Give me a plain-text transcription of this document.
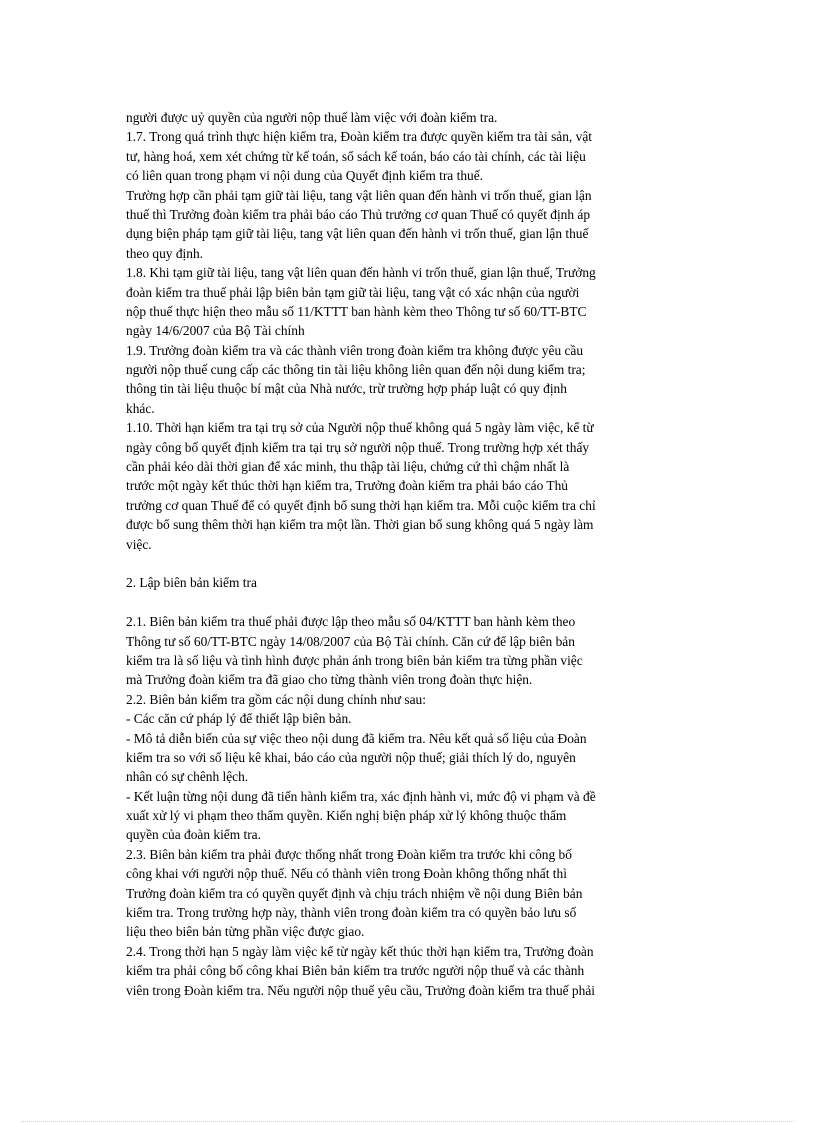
người được uỷ quyền của người nộp thuế làm việc với đoàn kiểm tra.
1.7. Trong quá trình thực hiện kiểm tra, Đoàn kiểm tra được quyền kiểm tra tài sản, vật
tư, hàng hoá, xem xét chứng từ kế toán, sổ sách kế toán, báo cáo tài chính, các tài liệu
có liên quan trong phạm vi nội dung của Quyết định kiểm tra thuế.
Trường hợp cần phải tạm giữ tài liệu, tang vật liên quan đến hành vi trốn thuế, gian lận
thuế thì Trưởng đoàn kiểm tra phải báo cáo Thủ trưởng cơ quan Thuế có quyết định áp
dụng biện pháp tạm giữ tài liệu, tang vật liên quan đến hành vi trốn thuế, gian lận thuế
theo quy định.
1.8. Khi tạm giữ tài liệu, tang vật liên quan đến hành vi trốn thuế, gian lận thuế, Trưởng
đoàn kiểm tra thuế phải lập biên bản tạm giữ tài liệu, tang vật có xác nhận của người
nộp thuế thực hiện theo mẫu số 11/KTTT ban hành kèm theo Thông tư số 60/TT-BTC
ngày 14/6/2007 của Bộ Tài chính
1.9. Trưởng đoàn kiểm tra và các thành viên trong đoàn kiểm tra không được yêu cầu
người nộp thuế cung cấp các thông tin tài liệu không liên quan đến nội dung kiểm tra;
thông tin tài liệu thuộc bí mật của Nhà nước, trừ trường hợp pháp luật có quy định
khác.
1.10. Thời hạn kiểm tra tại trụ sở của Người nộp thuế không quá 5 ngày làm việc, kể từ
ngày công bố quyết định kiểm tra tại trụ sở người nộp thuế. Trong trường hợp xét thấy
cần phải kéo dài thời gian để xác minh, thu thập tài liệu, chứng cứ thì chậm nhất là
trước một ngày kết thúc thời hạn kiểm tra, Trưởng đoàn kiểm tra phải báo cáo Thủ
trưởng cơ quan Thuế để có quyết định bổ sung thời hạn kiểm tra. Mỗi cuộc kiểm tra chỉ
được bổ sung thêm thời hạn kiểm tra một lần. Thời gian bổ sung không quá 5 ngày làm
việc.
2. Lập biên bản kiểm tra
2.1. Biên bản kiểm tra thuế phải được lập theo mẫu số 04/KTTT ban hành kèm theo
Thông tư số 60/TT-BTC ngày 14/08/2007 của Bộ Tài chính. Căn cứ để lập biên bản
kiểm tra là số liệu và tình hình được phản ánh trong biên bản kiểm tra từng phần việc
mà Trưởng đoàn kiểm tra đã giao cho từng thành viên trong đoàn thực hiện.
2.2. Biên bản kiểm tra gồm các nội dung chính như sau:
- Các căn cứ pháp lý để thiết lập biên bản.
- Mô tả diễn biến của sự việc theo nội dung đã kiểm tra. Nêu kết quả số liệu của Đoàn
kiểm tra so với số liệu kê khai, báo cáo của người nộp thuế; giải thích lý do, nguyên
nhân có sự chênh lệch.
- Kết luận từng nội dung đã tiến hành kiểm tra, xác định hành vi, mức độ vi phạm và đề
xuất xử lý vi phạm theo thẩm quyền. Kiến nghị biện pháp xử lý không thuộc thẩm
quyền của đoàn kiểm tra.
2.3. Biên bản kiểm tra phải được thống nhất trong Đoàn kiểm tra trước khi công bố
công khai với người nộp thuế. Nếu có thành viên trong Đoàn không thống nhất thì
Trưởng đoàn kiểm tra có quyền quyết định và chịu trách nhiệm về nội dung Biên bản
kiểm tra. Trong trường hợp này, thành viên trong đoàn kiểm tra có quyền bảo lưu số
liệu theo biên bản từng phần việc được giao.
2.4. Trong thời hạn 5 ngày làm việc kể từ ngày kết thúc thời hạn kiểm tra, Trưởng đoàn
kiểm tra phải công bố công khai Biên bản kiểm tra trước người nộp thuế và các thành
viên trong Đoàn kiểm tra. Nếu người nộp thuế yêu cầu, Trưởng đoàn kiểm tra thuế phải
